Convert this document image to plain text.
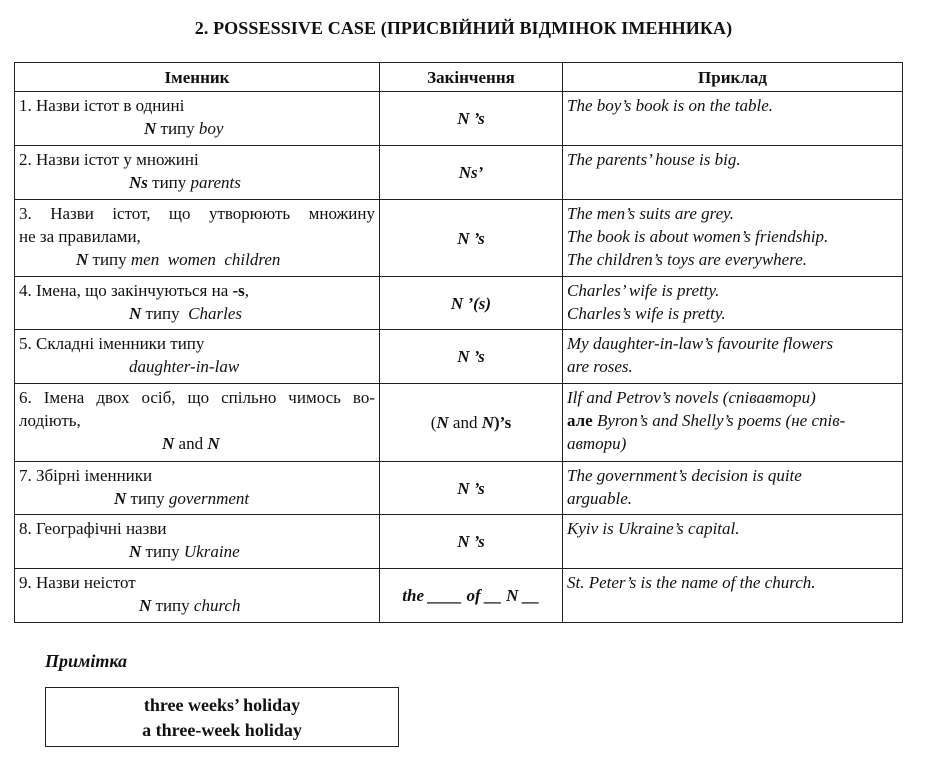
2. POSSESSIVE CASE (ПРИСВІЙНИЙ ВІДМІНОК ІМЕННИКА)
Іменник	Закінчення	Приклад

1. Назви істот в однині
N типу boy	N ’s	The boy’s book is on the table.

2. Назви істот у множині
Ns типу parents	Ns’	The parents’ house is big.

3. Назви істот, що утворюють множину
не за правилами,
N типу men  women  children	N ’s	The men’s suits are grey.
The book is about women’s friendship.
The children’s toys are everywhere.

4. Імена, що закінчуються на -s,
N типу  Charles	N ’(s)	Charles’ wife is pretty.
Charles’s wife is pretty.

5. Складні іменники типу
daughter-in-law	N ’s	My daughter-in-law’s favourite flowers
are roses.

6. Імена двох осіб, що спільно чимось во-
лодіють,
N and N	(N and N)’s	Ilf and Petrov’s novels (співавтори)
але Byron’s and Shelly’s poems (не спів-
автори)

7. Збірні іменники
N типу government	N ’s	The government’s decision is quite
arguable.

8. Географічні назви
N типу Ukraine	N ’s	Kyiv is Ukraine’s capital.

9. Назви неістот
N типу church	the ____ of __ N __	St. Peter’s is the name of the church.
Примітка
three weeks’ holiday
a three-week holiday
